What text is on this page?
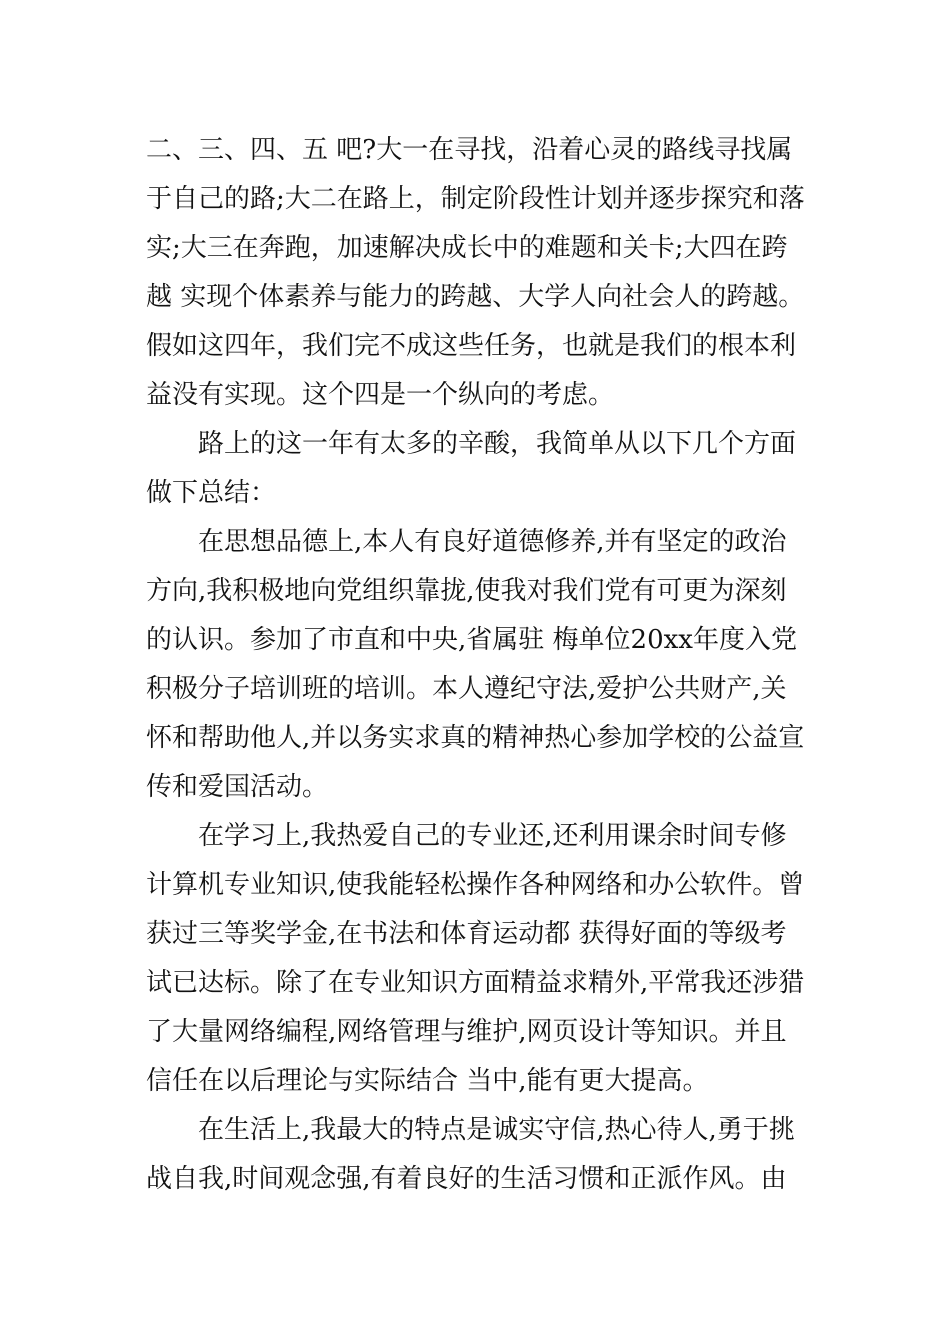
二、三、四、五 吧?大一在寻找，沿着心灵的路线寻找属于自己的路;大二在路上，制定阶段性计划并逐步探究和落实;大三在奔跑，加速解决成长中的难题和关卡;大四在跨越 实现个体素养与能力的跨越、大学人向社会人的跨越。假如这四年，我们完不成这些任务，也就是我们的根本利益没有实现。这个四是一个纵向的考虑。

路上的这一年有太多的辛酸，我简单从以下几个方面做下总结：

在思想品德上,本人有良好道德修养,并有坚定的政治方向,我积极地向党组织靠拢,使我对我们党有可更为深刻的认识。参加了市直和中央,省属驻 梅单位20xx年度入党积极分子培训班的培训。本人遵纪守法,爱护公共财产,关怀和帮助他人,并以务实求真的精神热心参加学校的公益宣传和爱国活动。

在学习上,我热爱自己的专业还,还利用课余时间专修计算机专业知识,使我能轻松操作各种网络和办公软件。曾获过三等奖学金,在书法和体育运动都 获得好面的等级考试已达标。除了在专业知识方面精益求精外,平常我还涉猎了大量网络编程,网络管理与维护,网页设计等知识。并且信任在以后理论与实际结合 当中,能有更大提高。

在生活上,我最大的特点是诚实守信,热心待人,勇于挑战自我,时间观念强,有着良好的生活习惯和正派作风。由
